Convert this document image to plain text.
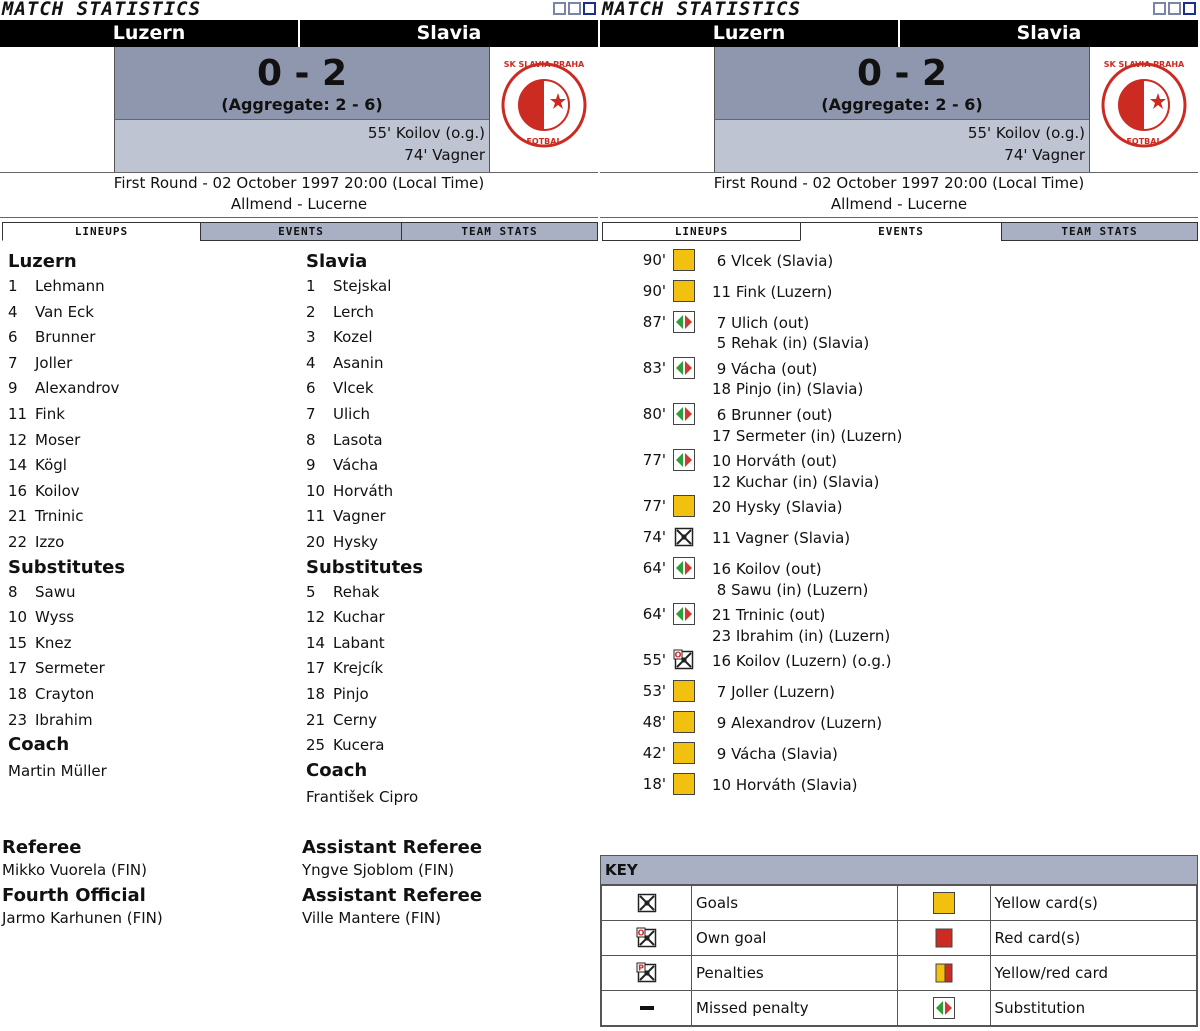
MATCH STATISTICS
Luzern	Slavia
0 - 2
(Aggregate: 2 - 6)
55' Koilov (o.g.)
74' Vagner
SK SLAVIA PRAHA
FOTBAL
First Round - 02 October 1997 20:00 (Local Time)
Allmend - Lucerne
LINEUPS	EVENTS	TEAM STATS
Luzern
1 Lehmann
4 Van Eck
6 Brunner
7 Joller
9 Alexandrov
11 Fink
12 Moser
14 Kögl
16 Koilov
21 Trninic
22 Izzo
Substitutes
8 Sawu
10 Wyss
15 Knez
17 Sermeter
18 Crayton
23 Ibrahim
Coach
Martin Müller
Slavia
1 Stejskal
2 Lerch
3 Kozel
4 Asanin
6 Vlcek
7 Ulich
8 Lasota
9 Vácha
10 Horváth
11 Vagner
20 Hysky
Substitutes
5 Rehak
12 Kuchar
14 Labant
17 Krejcík
18 Pinjo
21 Cerny
25 Kucera
Coach
František Cipro
Referee
Mikko Vuorela (FIN)
Fourth Official
Jarmo Karhunen (FIN)
Assistant Referee
Yngve Sjoblom (FIN)
Assistant Referee
Ville Mantere (FIN)
MATCH STATISTICS
Luzern	Slavia
0 - 2
(Aggregate: 2 - 6)
55' Koilov (o.g.)
74' Vagner
SK SLAVIA PRAHA
FOTBAL
First Round - 02 October 1997 20:00 (Local Time)
Allmend - Lucerne
LINEUPS	EVENTS	TEAM STATS
90'	6 Vlcek (Slavia)
90'	11 Fink (Luzern)
87'	7 Ulich (out)
5 Rehak (in) (Slavia)
83'	9 Vácha (out)
18 Pinjo (in) (Slavia)
80'	6 Brunner (out)
17 Sermeter (in) (Luzern)
77'	10 Horváth (out)
12 Kuchar (in) (Slavia)
77'	20 Hysky (Slavia)
74'	11 Vagner (Slavia)
64'	16 Koilov (out)
8 Sawu (in) (Luzern)
64'	21 Trninic (out)
23 Ibrahim (in) (Luzern)
55' O 16 Koilov (Luzern) (o.g.)
53'	7 Joller (Luzern)
48'	9 Alexandrov (Luzern)
42'	9 Vácha (Slavia)
18'	10 Horváth (Slavia)
KEY
	Goals		Yellow card(s)

O	Own goal		Red card(s)

P	Penalties		Yellow/red card
	Missed penalty		Substitution
